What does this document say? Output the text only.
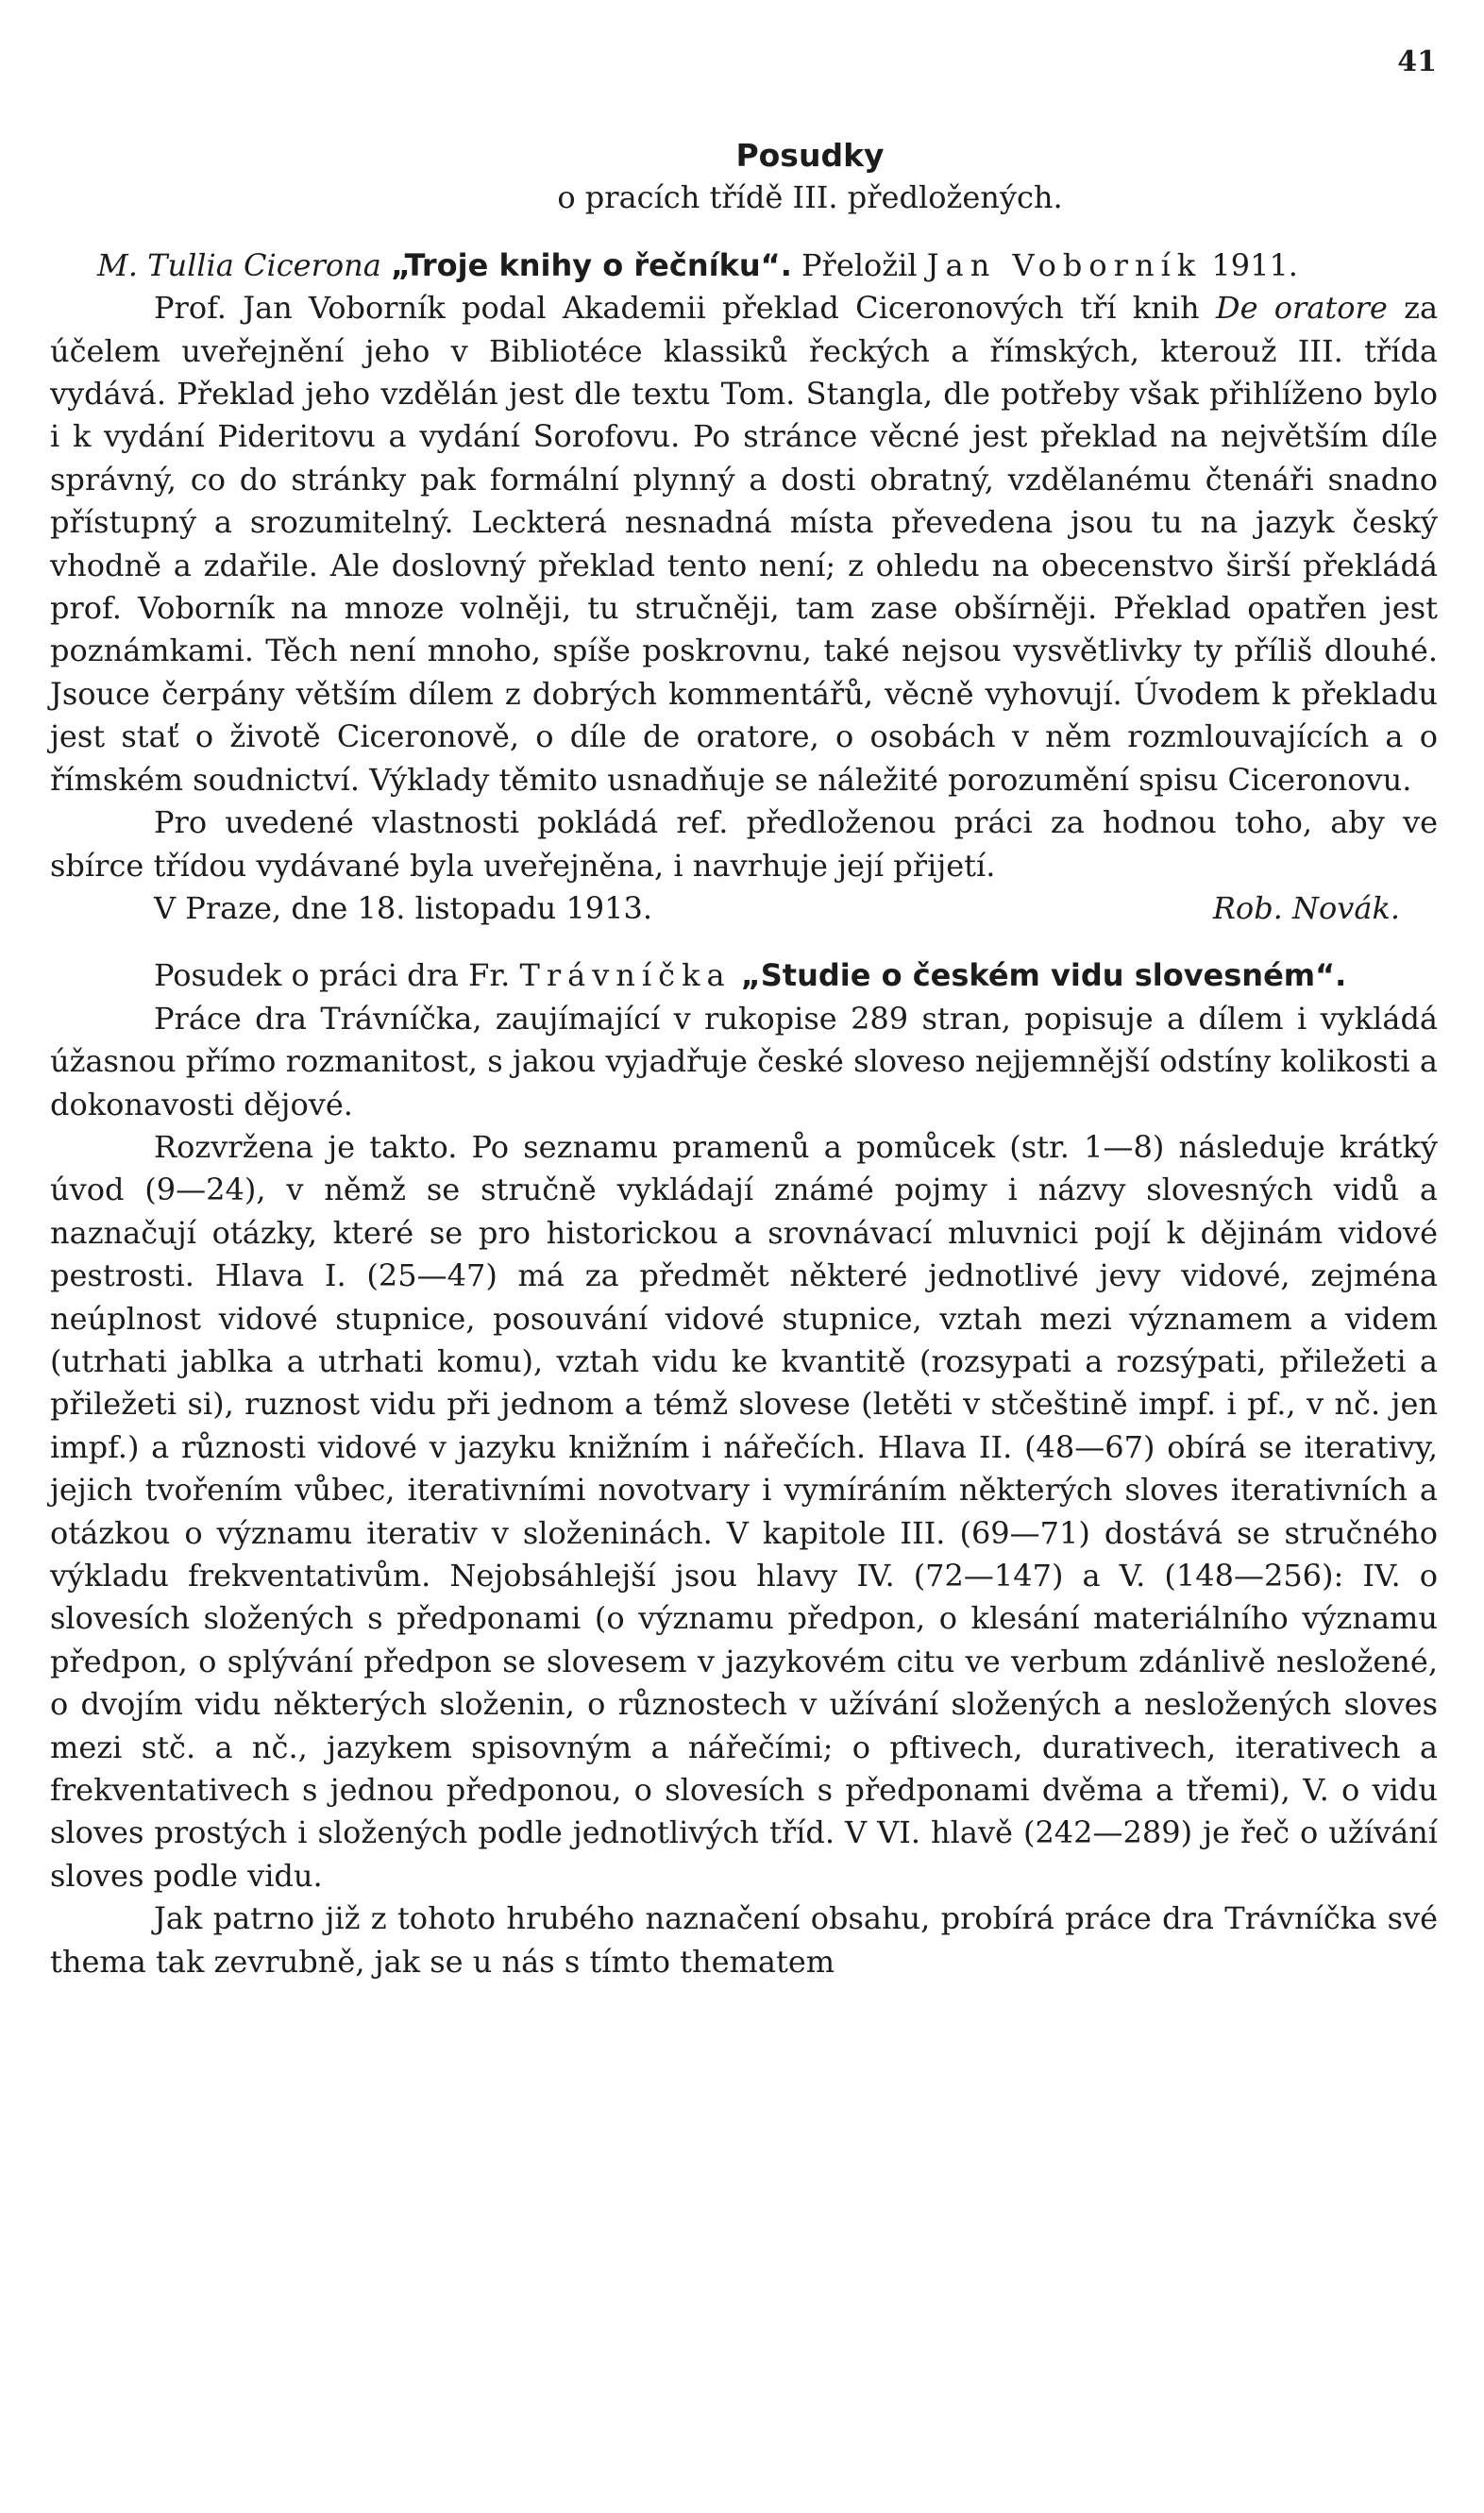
41
Posudky
o pracích třídě III. předložených.

M. Tullia Cicerona „Troje knihy o řečníku“. Přeložil Jan Voborník 1911.

Prof. Jan Voborník podal Akademii překlad Ciceronových tří knih De oratore za účelem uveřejnění jeho v Bibliotéce klassiků řeckých a římských, kterouž III. třída vydává. Překlad jeho vzdělán jest dle textu Tom. Stangla, dle potřeby však přihlíženo bylo i k vydání Pideritovu a vydání Sorofovu. Po stránce věcné jest překlad na největším díle správný, co do stránky pak formální plynný a dosti obratný, vzdělanému čtenáři snadno přístupný a srozumitelný. Leckterá nesnadná místa převedena jsou tu na jazyk český vhodně a zdařile. Ale doslovný překlad tento není; z ohledu na obecenstvo širší překládá prof. Voborník na mnoze volněji, tu stručněji, tam zase obšírněji. Překlad opatřen jest poznámkami. Těch není mnoho, spíše poskrovnu, také nejsou vysvětlivky ty příliš dlouhé. Jsouce čerpány větším dílem z dobrých kommentářů, věcně vyhovují. Úvodem k překladu jest stať o životě Ciceronově, o díle de oratore, o osobách v něm rozmlouvajících a o římském soudnictví. Výklady těmito usnadňuje se náležité porozumění spisu Ciceronovu.

Pro uvedené vlastnosti pokládá ref. předloženou práci za hodnou toho, aby ve sbírce třídou vydávané byla uveřejněna, i navrhuje její přijetí.

V Praze, dne 18. listopadu 1913.	Rob. Novák.

Posudek o práci dra Fr. Trávníčka „Studie o českém vidu slovesném“.

Práce dra Trávníčka, zaujímající v rukopise 289 stran, popisuje a dílem i vykládá úžasnou přímo rozmanitost, s jakou vyjadřuje české sloveso nejjemnější odstíny kolikosti a dokonavosti dějové.

Rozvržena je takto. Po seznamu pramenů a pomůcek (str. 1—8) následuje krátký úvod (9—24), v němž se stručně vykládají známé pojmy i názvy slovesných vidů a naznačují otázky, které se pro historickou a srovnávací mluvnici pojí k dějinám vidové pestrosti. Hlava I. (25—47) má za předmět některé jednotlivé jevy vidové, zejména neúplnost vidové stupnice, posouvání vidové stupnice, vztah mezi významem a videm (utrhati jablka a utrhati komu), vztah vidu ke kvantitě (rozsypati a rozsýpati, přiležeti a přiležeti si), ruznost vidu při jednom a témž slovese (letěti v stčeštině impf. i pf., v nč. jen impf.) a různosti vidové v jazyku knižním i nářečích. Hlava II. (48—67) obírá se iterativy, jejich tvořením vůbec, iterativními novotvary i vymíráním některých sloves iterativních a otázkou o významu iterativ v složeninách. V kapitole III. (69—71) dostává se stručného výkladu frekventativům. Nejobsáhlejší jsou hlavy IV. (72—147) a V. (148—256): IV. o slovesích složených s předponami (o významu předpon, o klesání materiálního významu předpon, o splývání předpon se slovesem v jazykovém citu ve verbum zdánlivě nesložené, o dvojím vidu některých složenin, o různostech v užívání složených a nesložených sloves mezi stč. a nč., jazykem spisovným a nářečími; o pftivech, durativech, iterativech a frekventativech s jednou předponou, o slovesích s předponami dvěma a třemi), V. o vidu sloves prostých i složených podle jednotlivých tříd. V VI. hlavě (242—289) je řeč o užívání sloves podle vidu.

Jak patrno již z tohoto hrubého naznačení obsahu, probírá práce dra Trávníčka své thema tak zevrubně, jak se u nás s tímto thematem
